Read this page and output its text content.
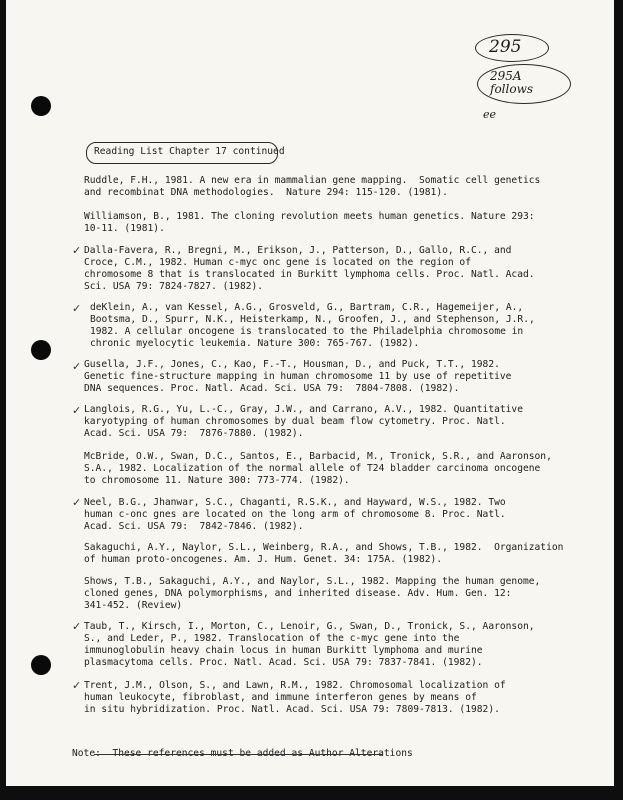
295
295A follows
ee
Reading List Chapter 17 continued
Ruddle, F.H., 1981. A new era in mammalian gene mapping.  Somatic cell genetics
and recombinat DNA methodologies.  Nature 294: 115-120. (1981).
Williamson, B., 1981. The cloning revolution meets human genetics. Nature 293:
10-11. (1981).
✓ Dalla-Favera, R., Bregni, M., Erikson, J., Patterson, D., Gallo, R.C., and
Croce, C.M., 1982. Human c-myc onc gene is located on the region of
chromosome 8 that is translocated in Burkitt lymphoma cells. Proc. Natl. Acad.
Sci. USA 79: 7824-7827. (1982).
✓ deKlein, A., van Kessel, A.G., Grosveld, G., Bartram, C.R., Hagemeijer, A.,
Bootsma, D., Spurr, N.K., Heisterkamp, N., Groofen, J., and Stephenson, J.R.,
1982. A cellular oncogene is translocated to the Philadelphia chromosome in
chronic myelocytic leukemia. Nature 300: 765-767. (1982).
✓ Gusella, J.F., Jones, C., Kao, F.-T., Housman, D., and Puck, T.T., 1982.
Genetic fine-structure mapping in human chromosome 11 by use of repetitive
DNA sequences. Proc. Natl. Acad. Sci. USA 79:  7804-7808. (1982).
✓ Langlois, R.G., Yu, L.-C., Gray, J.W., and Carrano, A.V., 1982. Quantitative
karyotyping of human chromosomes by dual beam flow cytometry. Proc. Natl.
Acad. Sci. USA 79:  7876-7880. (1982).
McBride, O.W., Swan, D.C., Santos, E., Barbacid, M., Tronick, S.R., and Aaronson,
S.A., 1982. Localization of the normal allele of T24 bladder carcinoma oncogene
to chromosome 11. Nature 300: 773-774. (1982).
✓ Neel, B.G., Jhanwar, S.C., Chaganti, R.S.K., and Hayward, W.S., 1982. Two
human c-onc gnes are located on the long arm of chromosome 8. Proc. Natl.
Acad. Sci. USA 79:  7842-7846. (1982).
Sakaguchi, A.Y., Naylor, S.L., Weinberg, R.A., and Shows, T.B., 1982.  Organization
of human proto-oncogenes. Am. J. Hum. Genet. 34: 175A. (1982).
Shows, T.B., Sakaguchi, A.Y., and Naylor, S.L., 1982. Mapping the human genome,
cloned genes, DNA polymorphisms, and inherited disease. Adv. Hum. Gen. 12:
341-452. (Review)
✓ Taub, T., Kirsch, I., Morton, C., Lenoir, G., Swan, D., Tronick, S., Aaronson,
S., and Leder, P., 1982. Translocation of the c-myc gene into the
immunoglobulin heavy chain locus in human Burkitt lymphoma and murine
plasmacytoma cells. Proc. Natl. Acad. Sci. USA 79: 7837-7841. (1982).
✓ Trent, J.M., Olson, S., and Lawn, R.M., 1982. Chromosomal localization of
human leukocyte, fibroblast, and immune interferon genes by means of
in situ hybridization. Proc. Natl. Acad. Sci. USA 79: 7809-7813. (1982).
Note:  These references must be added as Author Alterations
